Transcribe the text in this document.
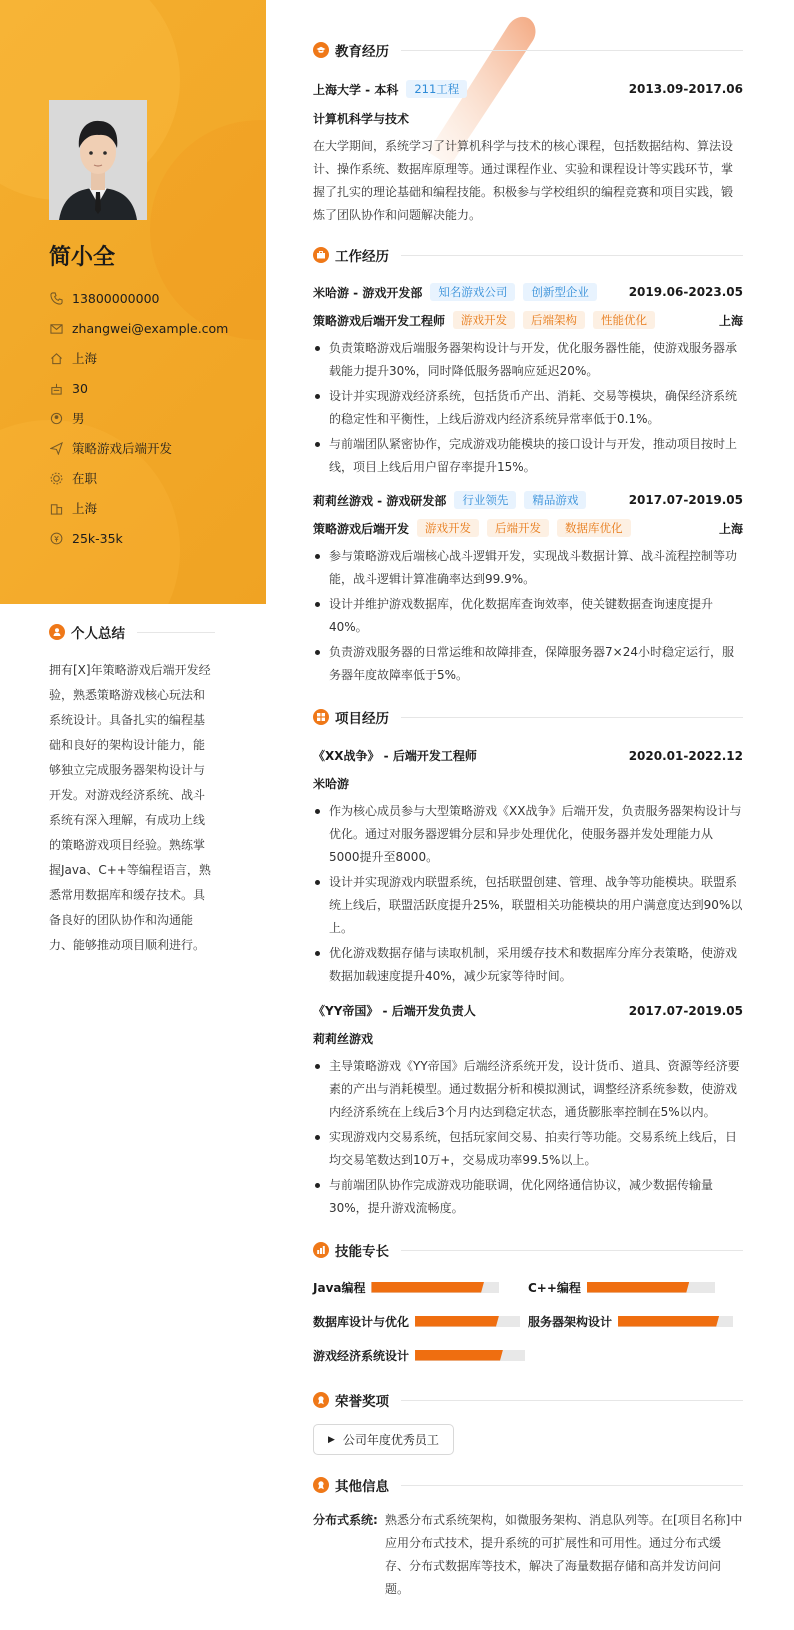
简小全
13800000000
zhangwei@example.com
上海
30
男
策略游戏后端开发
在职
上海
25k-35k
个人总结
拥有[X]年策略游戏后端开发经验，熟悉策略游戏核心玩法和系统设计。具备扎实的编程基础和良好的架构设计能力，能够独立完成服务器架构设计与开发。对游戏经济系统、战斗系统有深入理解，有成功上线的策略游戏项目经验。熟练掌握Java、C++等编程语言，熟悉常用数据库和缓存技术。具备良好的团队协作和沟通能力、能够推动项目顺利进行。
教育经历
上海大学 - 本科	211工程	2013.09-2017.06
计算机科学与技术
在大学期间，系统学习了计算机科学与技术的核心课程，包括数据结构、算法设计、操作系统、数据库原理等。通过课程作业、实验和课程设计等实践环节，掌握了扎实的理论基础和编程技能。积极参与学校组织的编程竞赛和项目实践，锻炼了团队协作和问题解决能力。
工作经历
米哈游 - 游戏开发部	知名游戏公司	创新型企业	2019.06-2023.05
策略游戏后端开发工程师	游戏开发	后端架构	性能优化	上海
负责策略游戏后端服务器架构设计与开发，优化服务器性能，使游戏服务器承载能力提升30%，同时降低服务器响应延迟20%。
设计并实现游戏经济系统，包括货币产出、消耗、交易等模块，确保经济系统的稳定性和平衡性，上线后游戏内经济系统异常率低于0.1%。
与前端团队紧密协作，完成游戏功能模块的接口设计与开发，推动项目按时上线，项目上线后用户留存率提升15%。
莉莉丝游戏 - 游戏研发部	行业领先	精品游戏	2017.07-2019.05
策略游戏后端开发	游戏开发	后端开发	数据库优化	上海
参与策略游戏后端核心战斗逻辑开发，实现战斗数据计算、战斗流程控制等功能，战斗逻辑计算准确率达到99.9%。
设计并维护游戏数据库，优化数据库查询效率，使关键数据查询速度提升40%。
负责游戏服务器的日常运维和故障排查，保障服务器7×24小时稳定运行，服务器年度故障率低于5%。
项目经历
《XX战争》 - 后端开发工程师	2020.01-2022.12
米哈游
作为核心成员参与大型策略游戏《XX战争》后端开发，负责服务器架构设计与优化。通过对服务器逻辑分层和异步处理优化，使服务器并发处理能力从5000提升至8000。
设计并实现游戏内联盟系统，包括联盟创建、管理、战争等功能模块。联盟系统上线后，联盟活跃度提升25%，联盟相关功能模块的用户满意度达到90%以上。
优化游戏数据存储与读取机制，采用缓存技术和数据库分库分表策略，使游戏数据加载速度提升40%，减少玩家等待时间。
《YY帝国》 - 后端开发负责人	2017.07-2019.05
莉莉丝游戏
主导策略游戏《YY帝国》后端经济系统开发，设计货币、道具、资源等经济要素的产出与消耗模型。通过数据分析和模拟测试，调整经济系统参数，使游戏内经济系统在上线后3个月内达到稳定状态，通货膨胀率控制在5%以内。
实现游戏内交易系统，包括玩家间交易、拍卖行等功能。交易系统上线后，日均交易笔数达到10万+，交易成功率99.5%以上。
与前端团队协作完成游戏功能联调，优化网络通信协议，减少数据传输量30%，提升游戏流畅度。
技能专长
Java编程	C++编程
数据库设计与优化	服务器架构设计
游戏经济系统设计
荣誉奖项
▶ 公司年度优秀员工
其他信息
分布式系统: 熟悉分布式系统架构，如微服务架构、消息队列等。在[项目名称]中应用分布式技术，提升系统的可扩展性和可用性。通过分布式缓存、分布式数据库等技术，解决了海量数据存储和高并发访问问题。
